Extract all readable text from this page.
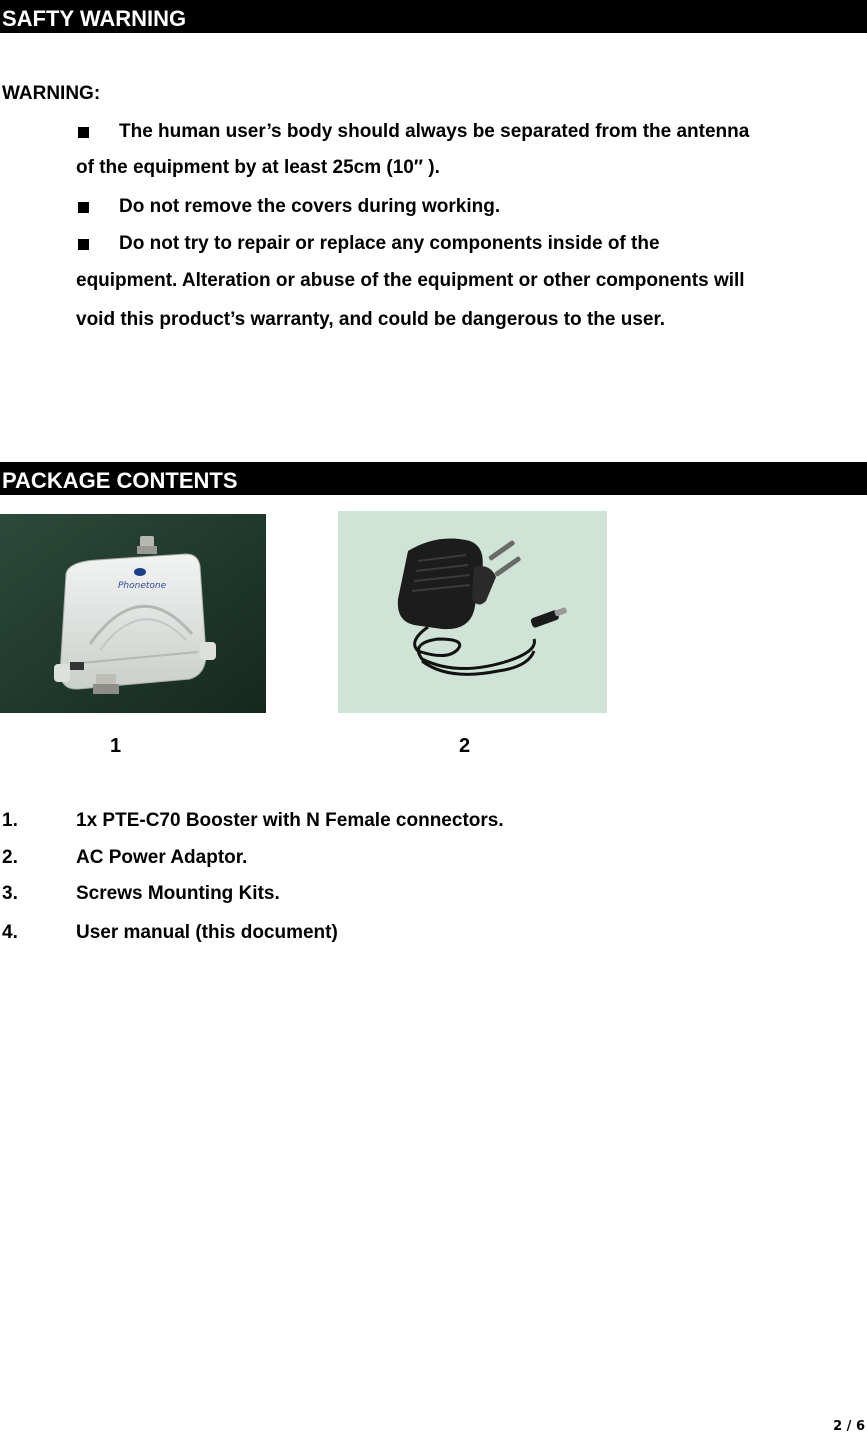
SAFTY WARNING
WARNING:
The human user’s body should always be separated from the antenna
of the equipment by at least 25cm (10″ ).
Do not remove the covers during working.
Do not try to repair or replace any components inside of the
equipment. Alteration or abuse of the equipment or other components will
void this product’s warranty, and could be dangerous to the user.
PACKAGE CONTENTS
Phonetone
1	2
1.	1x PTE-C70 Booster with N Female connectors.
2.	AC Power Adaptor.
3.	Screws Mounting Kits.
4.	User manual (this document)
2 / 6
